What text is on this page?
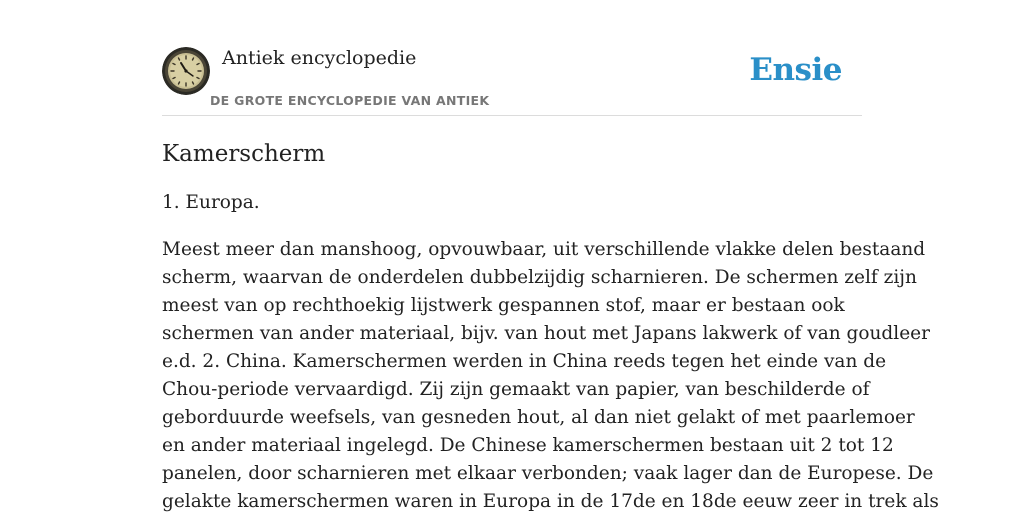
Antiek encyclopedie
DE GROTE ENCYCLOPEDIE VAN ANTIEK
Ensie
Kamerscherm

1. Europa.

Meest meer dan manshoog, opvouwbaar, uit verschillende vlakke delen bestaand
scherm, waarvan de onderdelen dubbelzijdig scharnieren. De schermen zelf zijn
meest van op rechthoekig lijstwerk gespannen stof, maar er bestaan ook
schermen van ander materiaal, bijv. van hout met Japans lakwerk of van goudleer
e.d. 2. China. Kamerschermen werden in China reeds tegen het einde van de
Chou-periode vervaardigd. Zij zijn gemaakt van papier, van beschilderde of
geborduurde weefsels, van gesneden hout, al dan niet gelakt of met paarlemoer
en ander materiaal ingelegd. De Chinese kamerschermen bestaan uit 2 tot 12
panelen, door scharnieren met elkaar verbonden; vaak lager dan de Europese. De
gelakte kamerschermen waren in Europa in de 17de en 18de eeuw zeer in trek als
